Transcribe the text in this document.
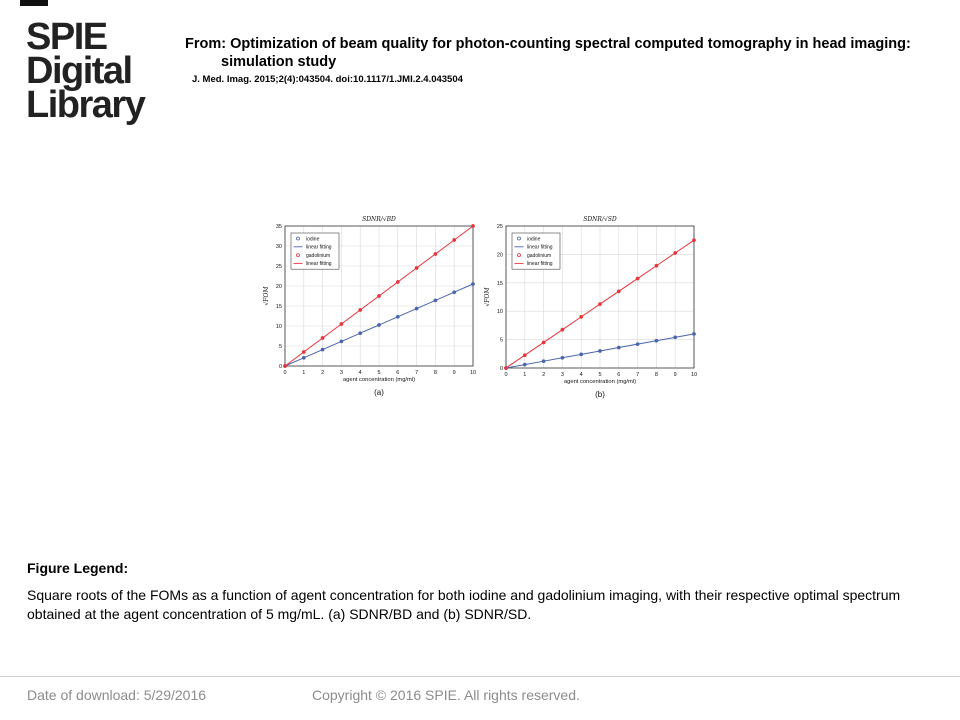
SPIE
Digital
Library

From: Optimization of beam quality for photon-counting spectral computed tomography in head imaging: simulation study

J. Med. Imag. 2015;2(4):043504. doi:10.1117/1.JMI.2.4.043504
0	1	2	3	4	5	6	7	8	9	10
0
5
10
15
20
25
30
35
SDNR/√BD
agent concentration (mg/ml)
√FOM
(a)
iodine
linear fitting
gadolinium
linear fitting
0	1	2	3	4	5	6	7	8	9	10
0
5
10
15
20
25
SDNR/√SD
agent concentration (mg/ml)
√FOM
(b)
iodine
linear fitting
gadolinium
linear fitting
Figure Legend:
Square roots of the FOMs as a function of agent concentration for both iodine and gadolinium imaging, with their respective optimal spectrum obtained at the agent concentration of 5 mg/mL. (a) SDNR/BD and (b) SDNR/SD.
Date of download: 5/29/2016	Copyright © 2016 SPIE. All rights reserved.
